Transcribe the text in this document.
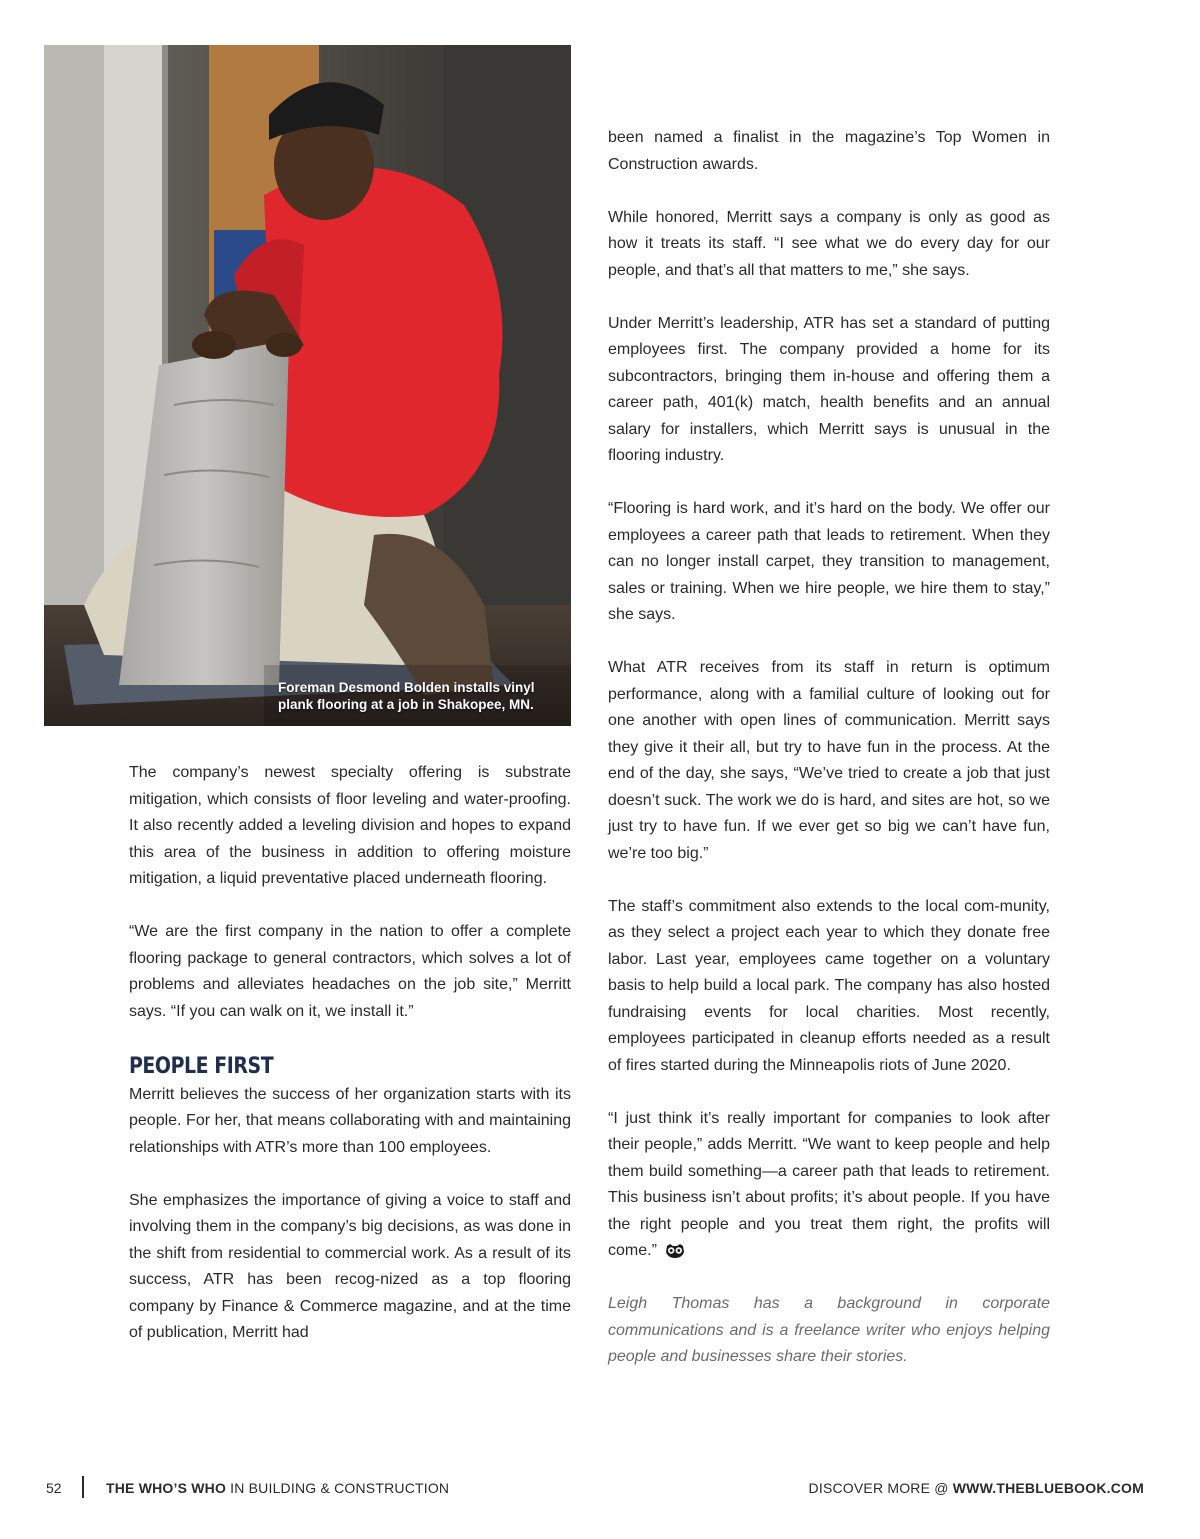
Foreman Desmond Bolden installs vinyl
plank flooring at a job in Shakopee, MN.

The company’s newest specialty offering is substrate mitigation, which consists of floor leveling and water-proofing. It also recently added a leveling division and hopes to expand this area of the business in addition to offering moisture mitigation, a liquid preventative placed underneath flooring.

“We are the first company in the nation to offer a complete flooring package to general contractors, which solves a lot of problems and alleviates headaches on the job site,” Merritt says. “If you can walk on it, we install it.”

PEOPLE FIRST

Merritt believes the success of her organization starts with its people. For her, that means collaborating with and maintaining relationships with ATR’s more than 100 employees.

She emphasizes the importance of giving a voice to staff and involving them in the company’s big decisions, as was done in the shift from residential to commercial work. As a result of its success, ATR has been recog-nized as a top flooring company by Finance & Commerce magazine, and at the time of publication, Merritt had

been named a finalist in the magazine’s Top Women in Construction awards.

While honored, Merritt says a company is only as good as how it treats its staff. “I see what we do every day for our people, and that’s all that matters to me,” she says.

Under Merritt’s leadership, ATR has set a standard of putting employees first. The company provided a home for its subcontractors, bringing them in-house and offering them a career path, 401(k) match, health benefits and an annual salary for installers, which Merritt says is unusual in the flooring industry.

“Flooring is hard work, and it’s hard on the body. We offer our employees a career path that leads to retirement. When they can no longer install carpet, they transition to management, sales or training. When we hire people, we hire them to stay,” she says.

What ATR receives from its staff in return is optimum performance, along with a familial culture of looking out for one another with open lines of communication. Merritt says they give it their all, but try to have fun in the process. At the end of the day, she says, “We’ve tried to create a job that just doesn’t suck. The work we do is hard, and sites are hot, so we just try to have fun. If we ever get so big we can’t have fun, we’re too big.”

The staff’s commitment also extends to the local com-munity, as they select a project each year to which they donate free labor. Last year, employees came together on a voluntary basis to help build a local park. The company has also hosted fundraising events for local charities. Most recently, employees participated in cleanup efforts needed as a result of fires started during the Minneapolis riots of June 2020.

“I just think it’s really important for companies to look after their people,” adds Merritt. “We want to keep people and help them build something—a career path that leads to retirement. This business isn’t about profits; it’s about people. If you have the right people and you treat them right, the profits will come.”

Leigh Thomas has a background in corporate communications and is a freelance writer who enjoys helping people and businesses share their stories.

52	THE WHO’S WHO IN BUILDING & CONSTRUCTION	DISCOVER MORE @ WWW.THEBLUEBOOK.COM
